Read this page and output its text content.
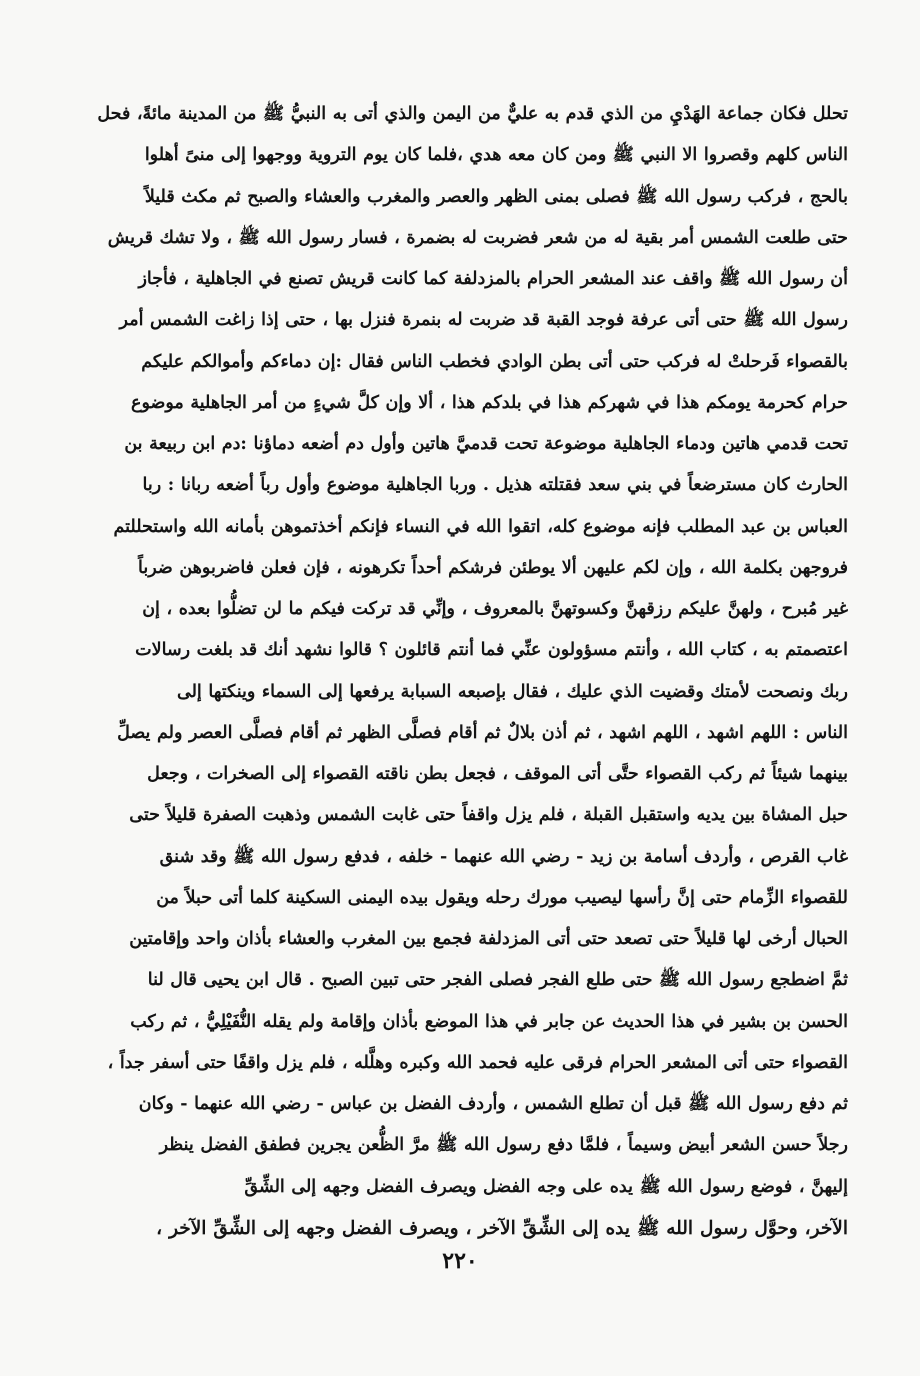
تحلل فكان جماعة الهَدْيِ من الذي قدم به عليٌّ من اليمن والذي أتى به النبيُّ ﷺ من المدينة مائةً، فحل
الناس كلهم وقصروا الا النبي ﷺ ومن كان معه هدي ،فلما كان يوم التروية ووجهوا إلى منىً أهلوا
بالحج ، فركب رسول الله ﷺ فصلى بمنى الظهر والعصر والمغرب والعشاء والصبح ثم مكث قليلاً
حتى طلعت الشمس أمر بقية له من شعر فضربت له بضمرة ، فسار رسول الله ﷺ ، ولا تشك قريش
أن رسول الله ﷺ واقف عند المشعر الحرام بالمزدلفة كما كانت قريش تصنع في الجاهلية ، فأجاز
رسول الله ﷺ حتى أتى عرفة فوجد القبة قد ضربت له بنمرة فنزل بها ، حتى إذا زاغت الشمس أمر
بالقصواء فَرحلتْ له فركب حتى أتى بطن الوادي فخطب الناس فقال :إن دماءكم وأموالكم عليكم
حرام كحرمة يومكم هذا في شهركم هذا في بلدكم هذا ، ألا وإن كلَّ شيءٍ من أمر الجاهلية موضوع
تحت قدمي هاتين ودماء الجاهلية موضوعة تحت قدميَّ هاتين وأول دم أضعه دماؤنا :دم ابن ربيعة بن
الحارث كان مسترضعاً في بني سعد فقتلته هذيل . وربا الجاهلية موضوع وأول رباً أضعه ربانا : ربا
العباس بن عبد المطلب فإنه موضوع كله، اتقوا الله في النساء فإنكم أخذتموهن بأمانه الله واستحللتم
فروجهن بكلمة الله ، وإن لكم عليهن ألا يوطئن فرشكم أحداً تكرهونه ، فإن فعلن فاضربوهن ضرباً
غير مُبرح ، ولهنَّ عليكم رزقهنَّ وكسوتهنَّ بالمعروف ، وإنِّي قد تركت فيكم ما لن تضلُّوا بعده ، إن
اعتصمتم به ، كتاب الله ، وأنتم مسؤولون عنِّي فما أنتم قائلون ؟ قالوا نشهد أنك قد بلغت رسالات
ربك ونصحت لأمتك وقضيت الذي عليك ، فقال بإصبعه السبابة يرفعها إلى السماء وينكتها إلى
الناس : اللهم اشهد ، اللهم اشهد ، ثم أذن بلالٌ ثم أقام فصلَّى الظهر ثم أقام فصلَّى العصر ولم يصلِّ
بينهما شيئاً ثم ركب القصواء حتَّى أتى الموقف ، فجعل بطن ناقته القصواء إلى الصخرات ، وجعل
حبل المشاة بين يديه واستقبل القبلة ، فلم يزل واقفاً حتى غابت الشمس وذهبت الصفرة قليلاً حتى
غاب القرص ، وأردف أسامة بن زيد - رضي الله عنهما - خلفه ، فدفع رسول الله ﷺ وقد شنق
للقصواء الزِّمام حتى إنَّ رأسها ليصيب مورك رحله ويقول بيده اليمنى السكينة كلما أتى حبلاً من
الحبال أرخى لها قليلاً حتى تصعد حتى أتى المزدلفة فجمع بين المغرب والعشاء بأذان واحد وإقامتين
ثمَّ اضطجع رسول الله ﷺ حتى طلع الفجر فصلى الفجر حتى تبين الصبح . قال ابن يحيى قال لنا
الحسن بن بشير في هذا الحديث عن جابر في هذا الموضع بأذان وإقامة ولم يقله النُّفَيْلِيُّ ، ثم ركب
القصواء حتى أتى المشعر الحرام فرقى عليه فحمد الله وكبره وهلَّله ، فلم يزل واقفًا حتى أسفر جداً ،
ثم دفع رسول الله ﷺ قبل أن تطلع الشمس ، وأردف الفضل بن عباس - رضي الله عنهما - وكان
رجلاً حسن الشعر أبيض وسيماً ، فلمَّا دفع رسول الله ﷺ مرَّ الظُّعن يجرين فطفق الفضل ينظر
إليهنَّ ، فوضع رسول الله ﷺ يده على وجه الفضل ويصرف الفضل وجهه إلى الشِّقِّ
الآخر، وحوَّل رسول الله ﷺ يده إلى الشِّقِّ الآخر ، ويصرف الفضل وجهه إلى الشِّقِّ الآخر ،
٢٢٠
